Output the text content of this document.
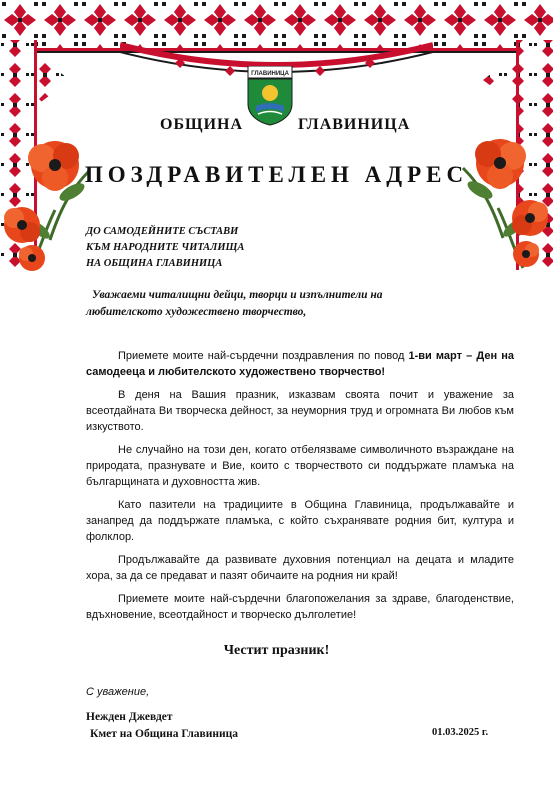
ГЛАВИНИЦА
ОБЩИНА	ГЛАВИНИЦА
ПОЗДРАВИТЕЛЕН АДРЕС
ДО САМОДЕЙНИТЕ СЪСТАВИ
КЪМ НАРОДНИТЕ ЧИТАЛИЩА
НА ОБЩИНА ГЛАВИНИЦА
Уважаеми читалищни дейци, творци и изпълнители на
любителското художествено творчество,

Приемете моите най-сърдечни поздравления по повод 1-ви март – Ден на самодееца и любителското художествено творчество!

В деня на Вашия празник, изказвам своята почит и уважение за всеотдайната Ви творческа дейност, за неуморния труд и огромната Ви любов към изкуството.

Не случайно на този ден, когато отбелязваме символичното възраждане на природата, празнувате и Вие, които с творчеството си поддържате пламъка на българщината и духовността жив.

Като пазители на традициите в Община Главиница, продължавайте и занапред да поддържате пламъка, с който съхранявате родния бит, култура и фолклор.

Продължавайте да развивате духовния потенциал на децата и младите хора, за да се предават и пазят обичаите на родния ни край!

Приемете моите най-сърдечни благопожелания за здраве, благоденствие, вдъхновение, всеотдайност и творческо дълголетие!

Честит празник!
С уважение,
Нежден Джевдет
Кмет на Община Главиница	01.03.2025 г.
